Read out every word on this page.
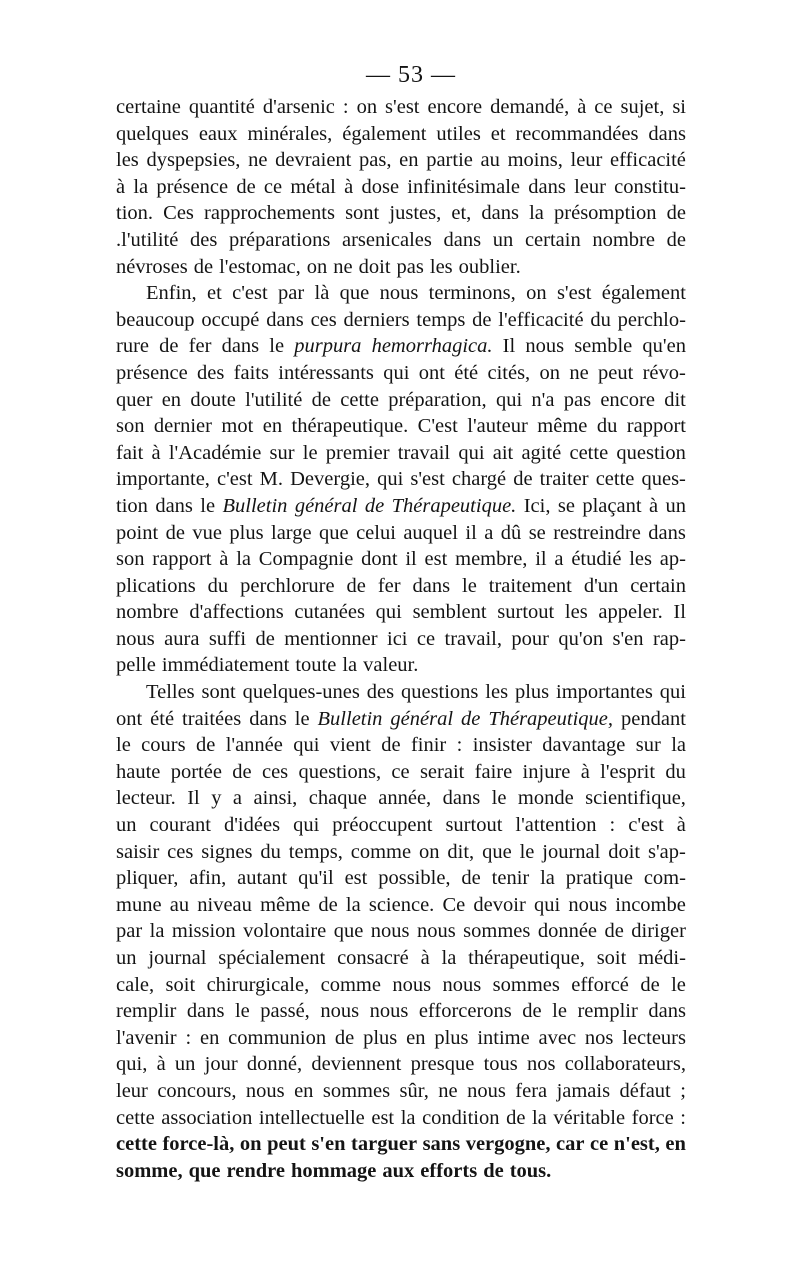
— 53 —
certaine quantité d'arsenic : on s'est encore demandé, à ce sujet, si
quelques eaux minérales, également utiles et recommandées dans
les dyspepsies, ne devraient pas, en partie au moins, leur efficacité
à la présence de ce métal à dose infinitésimale dans leur constitu-
tion. Ces rapprochements sont justes, et, dans la présomption de
.l'utilité des préparations arsenicales dans un certain nombre de
névroses de l'estomac, on ne doit pas les oublier.
Enfin, et c'est par là que nous terminons, on s'est également
beaucoup occupé dans ces derniers temps de l'efficacité du perchlo-
rure de fer dans le purpura hemorrhagica. Il nous semble qu'en
présence des faits intéressants qui ont été cités, on ne peut révo-
quer en doute l'utilité de cette préparation, qui n'a pas encore dit
son dernier mot en thérapeutique. C'est l'auteur même du rapport
fait à l'Académie sur le premier travail qui ait agité cette question
importante, c'est M. Devergie, qui s'est chargé de traiter cette ques-
tion dans le Bulletin général de Thérapeutique. Ici, se plaçant à un
point de vue plus large que celui auquel il a dû se restreindre dans
son rapport à la Compagnie dont il est membre, il a étudié les ap-
plications du perchlorure de fer dans le traitement d'un certain
nombre d'affections cutanées qui semblent surtout les appeler. Il
nous aura suffi de mentionner ici ce travail, pour qu'on s'en rap-
pelle immédiatement toute la valeur.
Telles sont quelques-unes des questions les plus importantes qui
ont été traitées dans le Bulletin général de Thérapeutique, pendant
le cours de l'année qui vient de finir : insister davantage sur la
haute portée de ces questions, ce serait faire injure à l'esprit du
lecteur. Il y a ainsi, chaque année, dans le monde scientifique,
un courant d'idées qui préoccupent surtout l'attention : c'est à
saisir ces signes du temps, comme on dit, que le journal doit s'ap-
pliquer, afin, autant qu'il est possible, de tenir la pratique com-
mune au niveau même de la science. Ce devoir qui nous incombe
par la mission volontaire que nous nous sommes donnée de diriger
un journal spécialement consacré à la thérapeutique, soit médi-
cale, soit chirurgicale, comme nous nous sommes efforcé de le
remplir dans le passé, nous nous efforcerons de le remplir dans
l'avenir : en communion de plus en plus intime avec nos lecteurs
qui, à un jour donné, deviennent presque tous nos collaborateurs,
leur concours, nous en sommes sûr, ne nous fera jamais défaut ;
cette association intellectuelle est la condition de la véritable force :
cette force-là, on peut s'en targuer sans vergogne, car ce n'est, en
somme, que rendre hommage aux efforts de tous.
